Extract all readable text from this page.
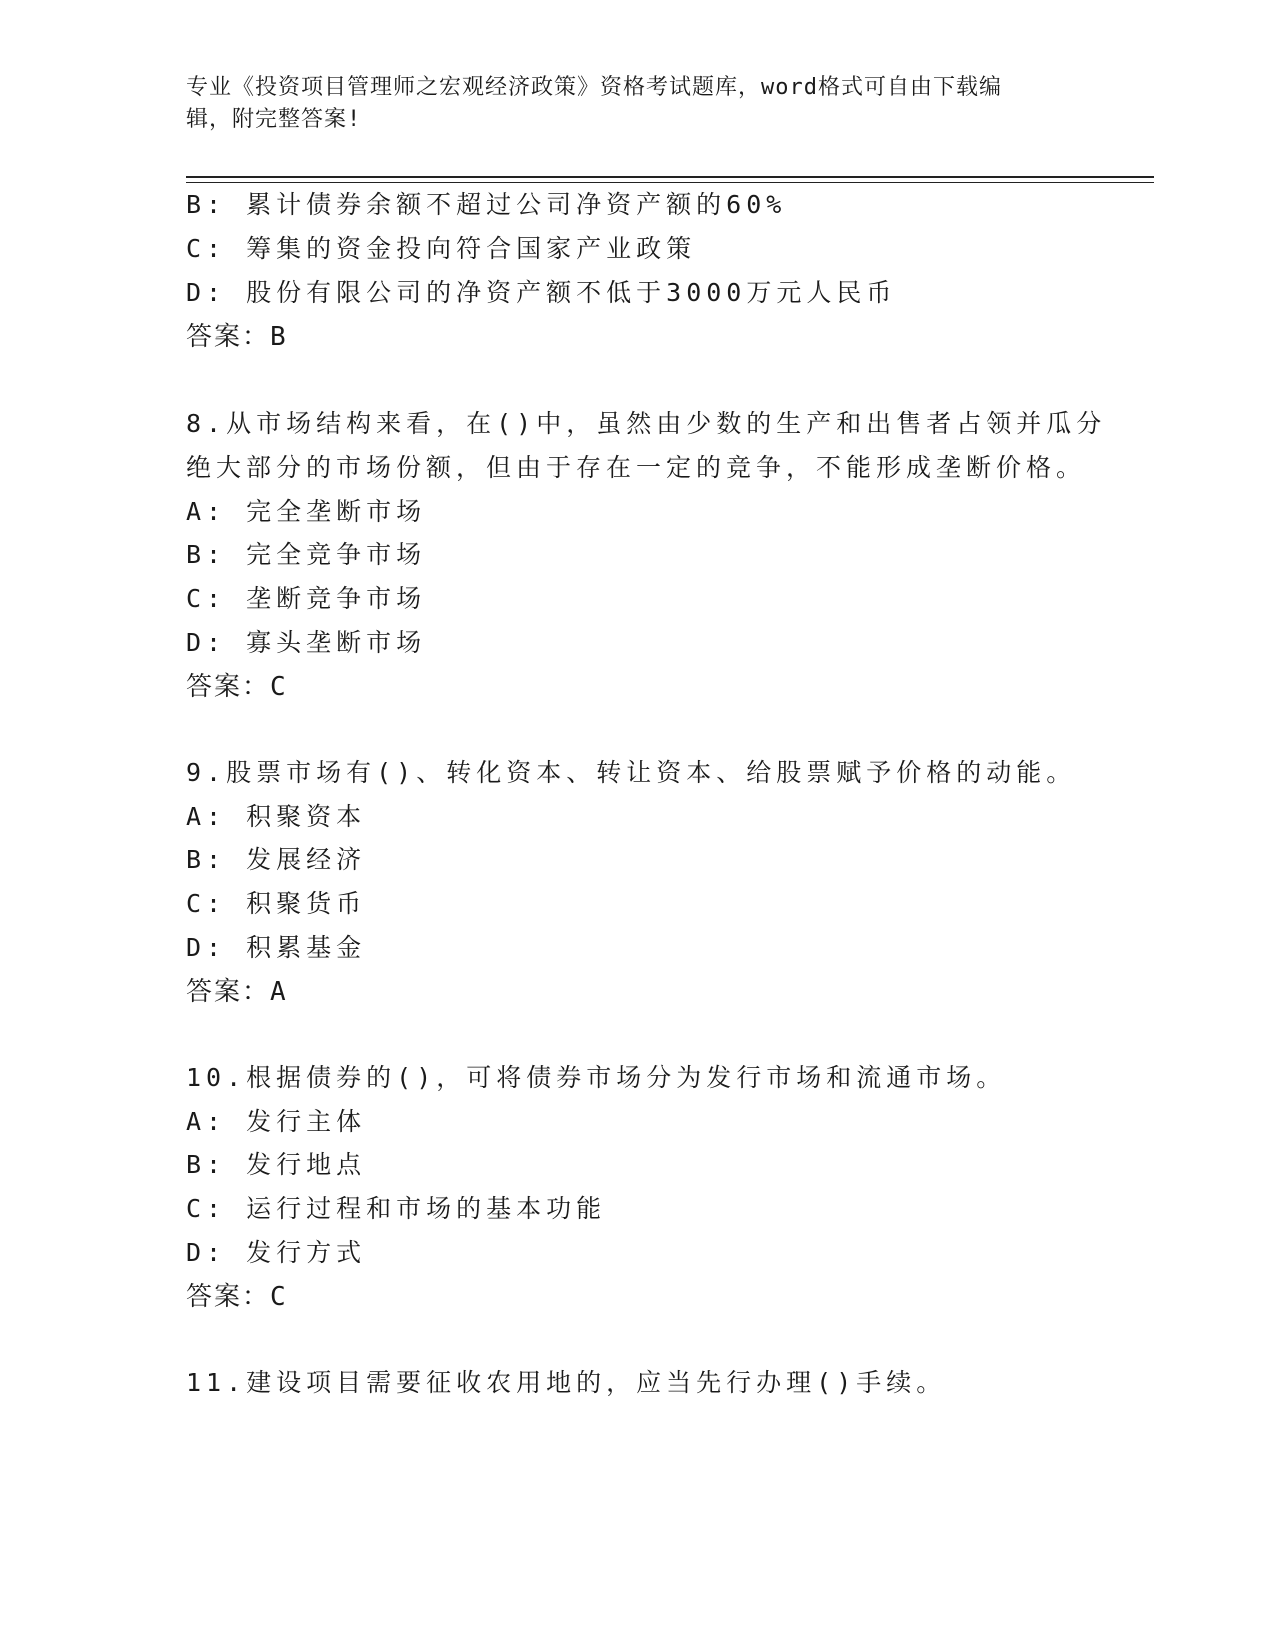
专业《投资项目管理师之宏观经济政策》资格考试题库，word格式可自由下载编
辑，附完整答案!
B: 累计债券余额不超过公司净资产额的60%
C: 筹集的资金投向符合国家产业政策
D: 股份有限公司的净资产额不低于3000万元人民币
答案：B
8.从市场结构来看，在()中，虽然由少数的生产和出售者占领并瓜分
绝大部分的市场份额，但由于存在一定的竞争，不能形成垄断价格。
A: 完全垄断市场
B: 完全竞争市场
C: 垄断竞争市场
D: 寡头垄断市场
答案：C
9.股票市场有()、转化资本、转让资本、给股票赋予价格的动能。
A: 积聚资本
B: 发展经济
C: 积聚货币
D: 积累基金
答案：A
10.根据债券的()，可将债券市场分为发行市场和流通市场。
A: 发行主体
B: 发行地点
C: 运行过程和市场的基本功能
D: 发行方式
答案：C
11.建设项目需要征收农用地的，应当先行办理()手续。
